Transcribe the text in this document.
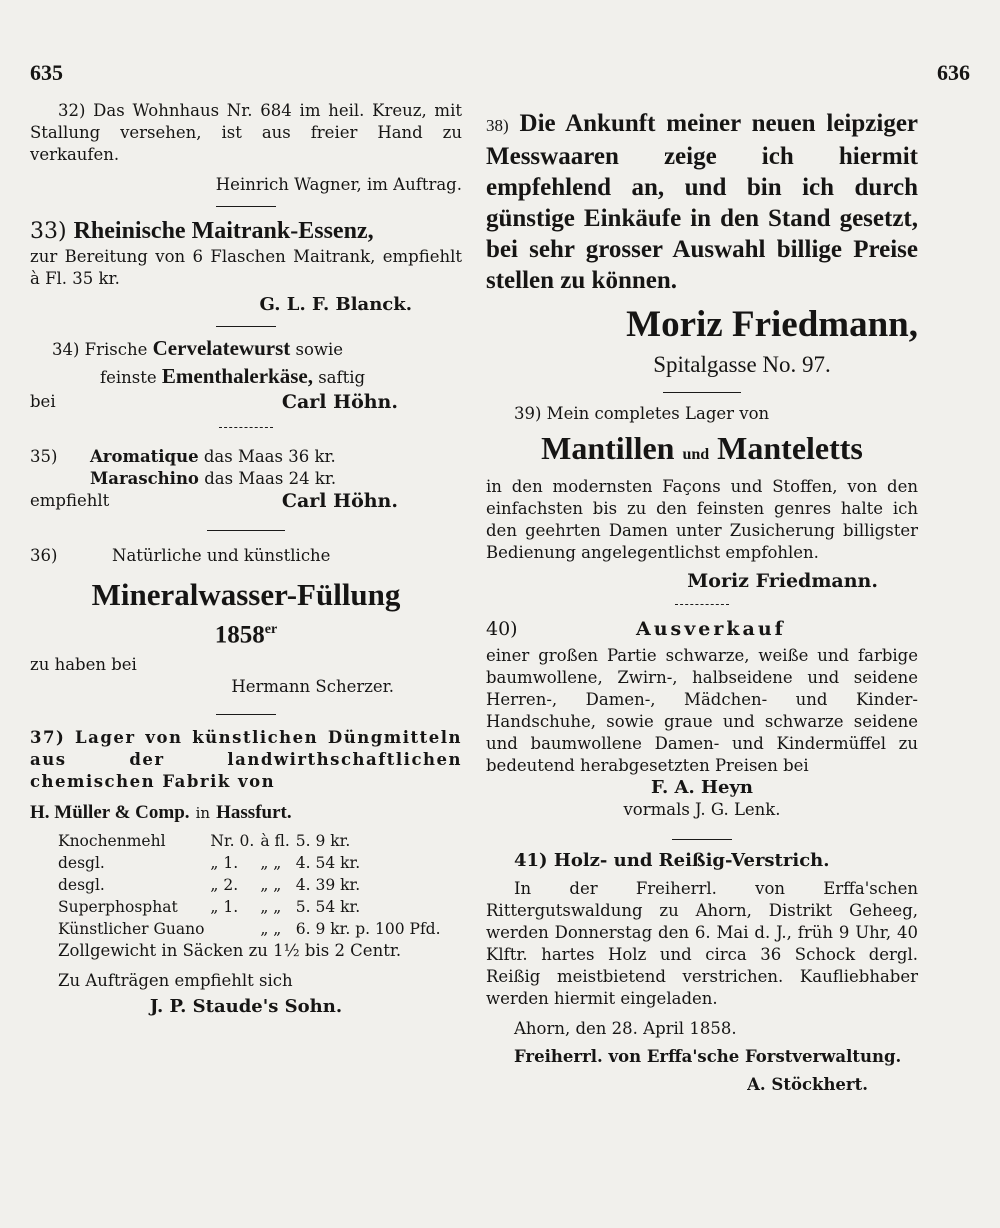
635	636

32) Das Wohnhaus Nr. 684 im heil. Kreuz, mit Stallung versehen, ist aus freier Hand zu verkaufen.

Heinrich Wagner, im Auftrag.

33) Rheinische Maitrank-Essenz,

zur Bereitung von 6 Flaschen Maitrank, empfiehlt à Fl. 35 kr.

G. L. F. Blanck.

34) Frische Cervelatewurst sowie

feinste Ementhalerkäse, saftig

bei	Carl Höhn.

35) Aromatique das Maas 36 kr.

Maraschino das Maas 24 kr.

empfiehlt	Carl Höhn.

36)	Natürliche und künstliche

Mineralwasser-Füllung

1858er

zu haben bei

Hermann Scherzer.

37) Lager von künstlichen Düngmitteln aus der landwirthschaftlichen chemischen Fabrik von

H. Müller & Comp. in Hassfurt.

Knochenmehl	Nr. 0.	à fl.	5. 9 kr.
desgl.	„ 1.	„ „	4. 54 kr.
desgl.	„ 2.	„ „	4. 39 kr.
Superphosphat	„ 1.	„ „	5. 54 kr.
Künstlicher Guano		„ „	6. 9 kr. p. 100 Pfd.

Zollgewicht in Säcken zu 1½ bis 2 Centr.

Zu Aufträgen empfiehlt sich

J. P. Staude's Sohn.

38) Die Ankunft meiner neuen leipziger Messwaaren zeige ich hiermit empfehlend an, und bin ich durch günstige Einkäufe in den Stand gesetzt, bei sehr grosser Auswahl billige Preise stellen zu können.

Moriz Friedmann,

Spitalgasse No. 97.

39) Mein completes Lager von

Mantillen und Manteletts

in den modernsten Façons und Stoffen, von den einfachsten bis zu den feinsten genres halte ich den geehrten Damen unter Zusicherung billigster Bedienung angelegentlichst empfohlen.

Moriz Friedmann.

40)	Ausverkauf

einer großen Partie schwarze, weiße und farbige baumwollene, Zwirn-, halbseidene und seidene Herren-, Damen-, Mädchen- und Kinder-Handschuhe, sowie graue und schwarze seidene und baumwollene Damen- und Kindermüffel zu bedeutend herabgesetzten Preisen bei

F. A. Heyn

vormals J. G. Lenk.

41) Holz- und Reißig-Verstrich.

In der Freiherrl. von Erffa'schen Rittergutswaldung zu Ahorn, Distrikt Geheeg, werden Donnerstag den 6. Mai d. J., früh 9 Uhr, 40 Klftr. hartes Holz und circa 36 Schock dergl. Reißig meistbietend verstrichen. Kaufliebhaber werden hiermit eingeladen.

Ahorn, den 28. April 1858.

Freiherrl. von Erffa'sche Forstverwaltung.

A. Stöckhert.
